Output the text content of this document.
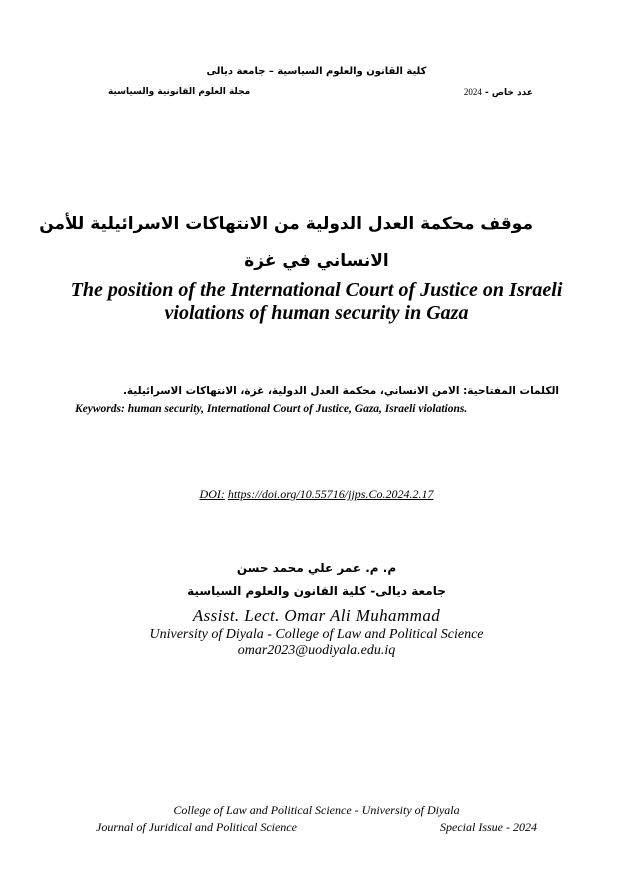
كلية القانون والعلوم السياسية – جامعة ديالى
مجلة العلوم القانونية والسياسية	عدد خاص - 2024
موقف محكمة العدل الدولية من الانتهاكات الاسرائيلية للأمن
الانساني في غزة
The position of the International Court of Justice on Israeli
violations of human security in Gaza
الكلمات المفتاحية: الامن الانساني، محكمة العدل الدولية، غزة، الانتهاكات الاسرائيلية.
Keywords: human security, International Court of Justice, Gaza, Israeli violations.
DOI: https://doi.org/10.55716/jjps.Co.2024.2.17
م. م. عمر علي محمد حسن
جامعة ديالى- كلية القانون والعلوم السياسية
Assist. Lect. Omar Ali Muhammad
University of Diyala - College of Law and Political Science
omar2023@uodiyala.edu.iq
College of Law and Political Science - University of Diyala
Journal of Juridical and Political Science	Special Issue - 2024
